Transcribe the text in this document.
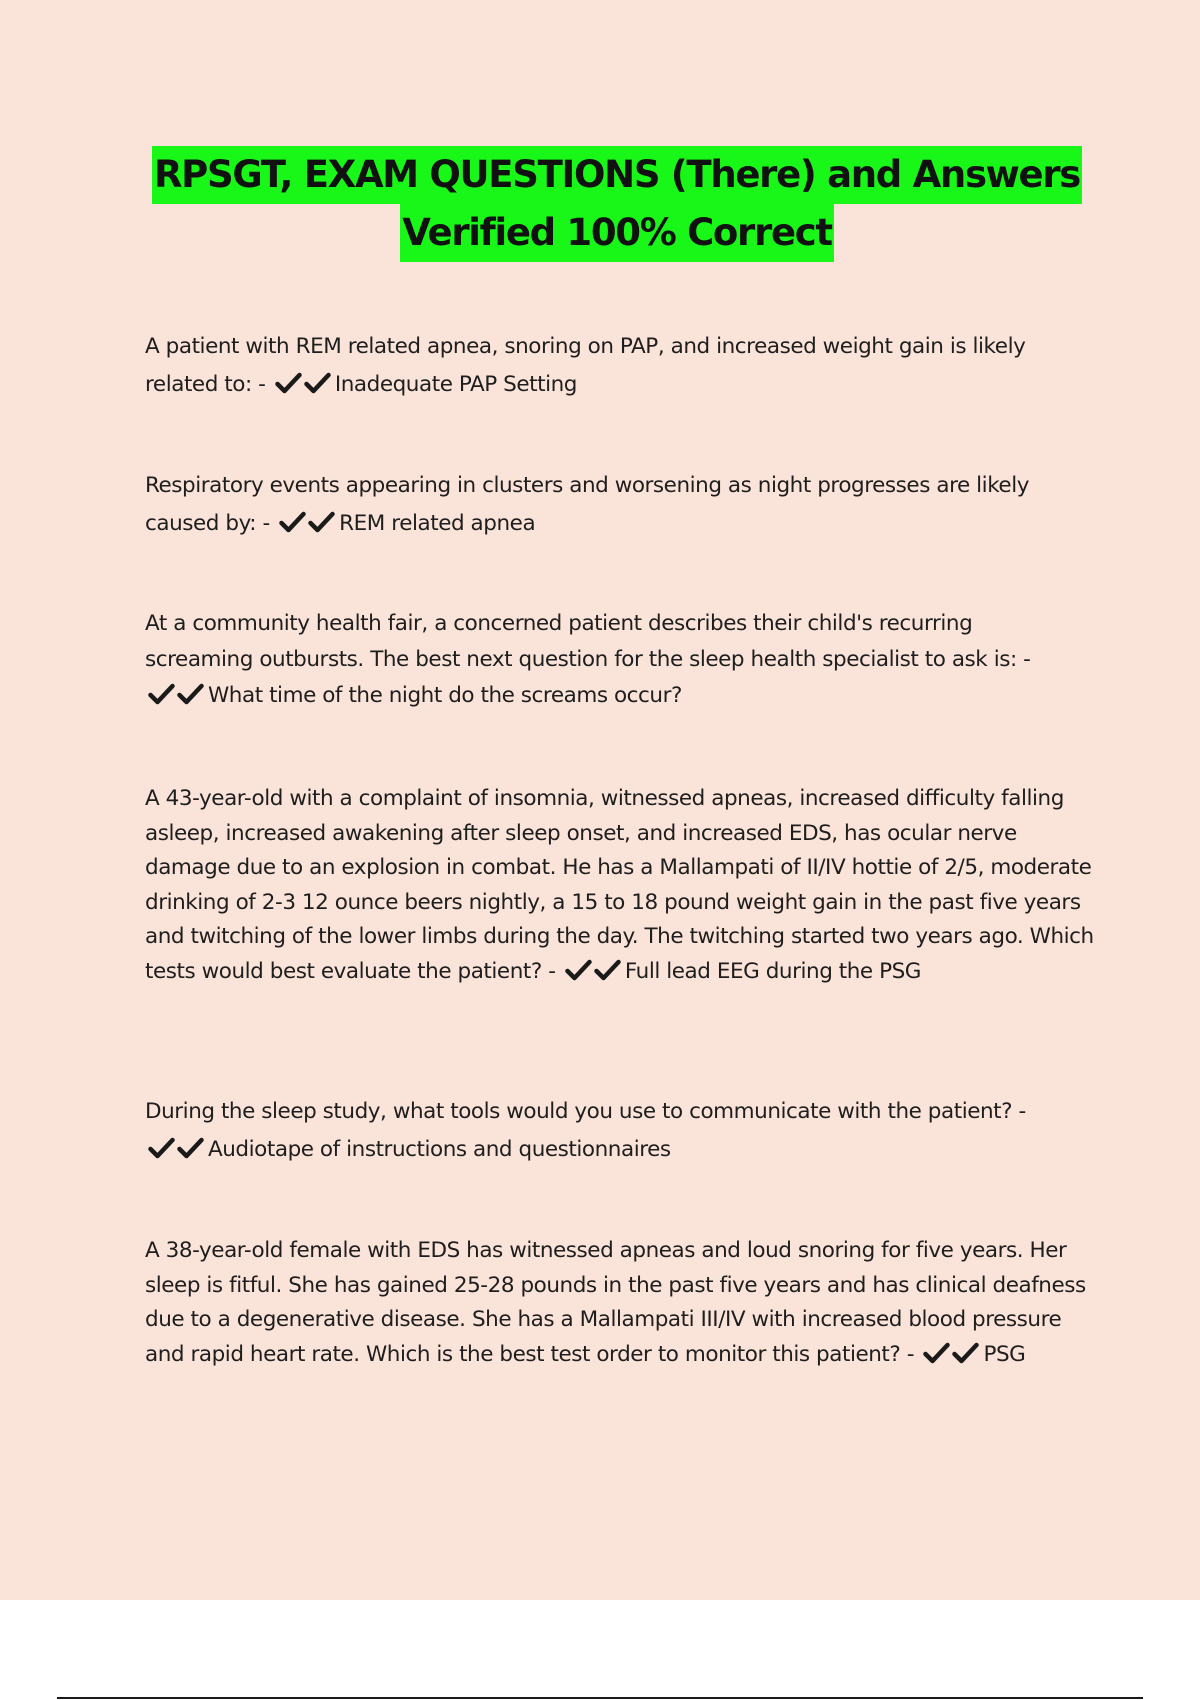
RPSGT, EXAM QUESTIONS (There) and Answers
Verified 100% Correct
A patient with REM related apnea, snoring on PAP, and increased weight gain is likely related to: -	Inadequate PAP Setting
Respiratory events appearing in clusters and worsening as night progresses are likely caused by: -	REM related apnea
At a community health fair, a concerned patient describes their child's recurring screaming outbursts. The best next question for the sleep health specialist to ask is: - What time of the night do the screams occur?
A 43-year-old with a complaint of insomnia, witnessed apneas, increased difficulty falling asleep, increased awakening after sleep onset, and increased EDS, has ocular nerve damage due to an explosion in combat. He has a Mallampati of II/IV hottie of 2/5, moderate drinking of 2-3 12 ounce beers nightly, a 15 to 18 pound weight gain in the past five years and twitching of the lower limbs during the day. The twitching started two years ago. Which tests would best evaluate the patient? -	Full lead EEG during the PSG
During the sleep study, what tools would you use to communicate with the patient? - Audiotape of instructions and questionnaires
A 38-year-old female with EDS has witnessed apneas and loud snoring for five years. Her sleep is fitful. She has gained 25-28 pounds in the past five years and has clinical deafness due to a degenerative disease. She has a Mallampati III/IV with increased blood pressure and rapid heart rate. Which is the best test order to monitor this patient? -	PSG
